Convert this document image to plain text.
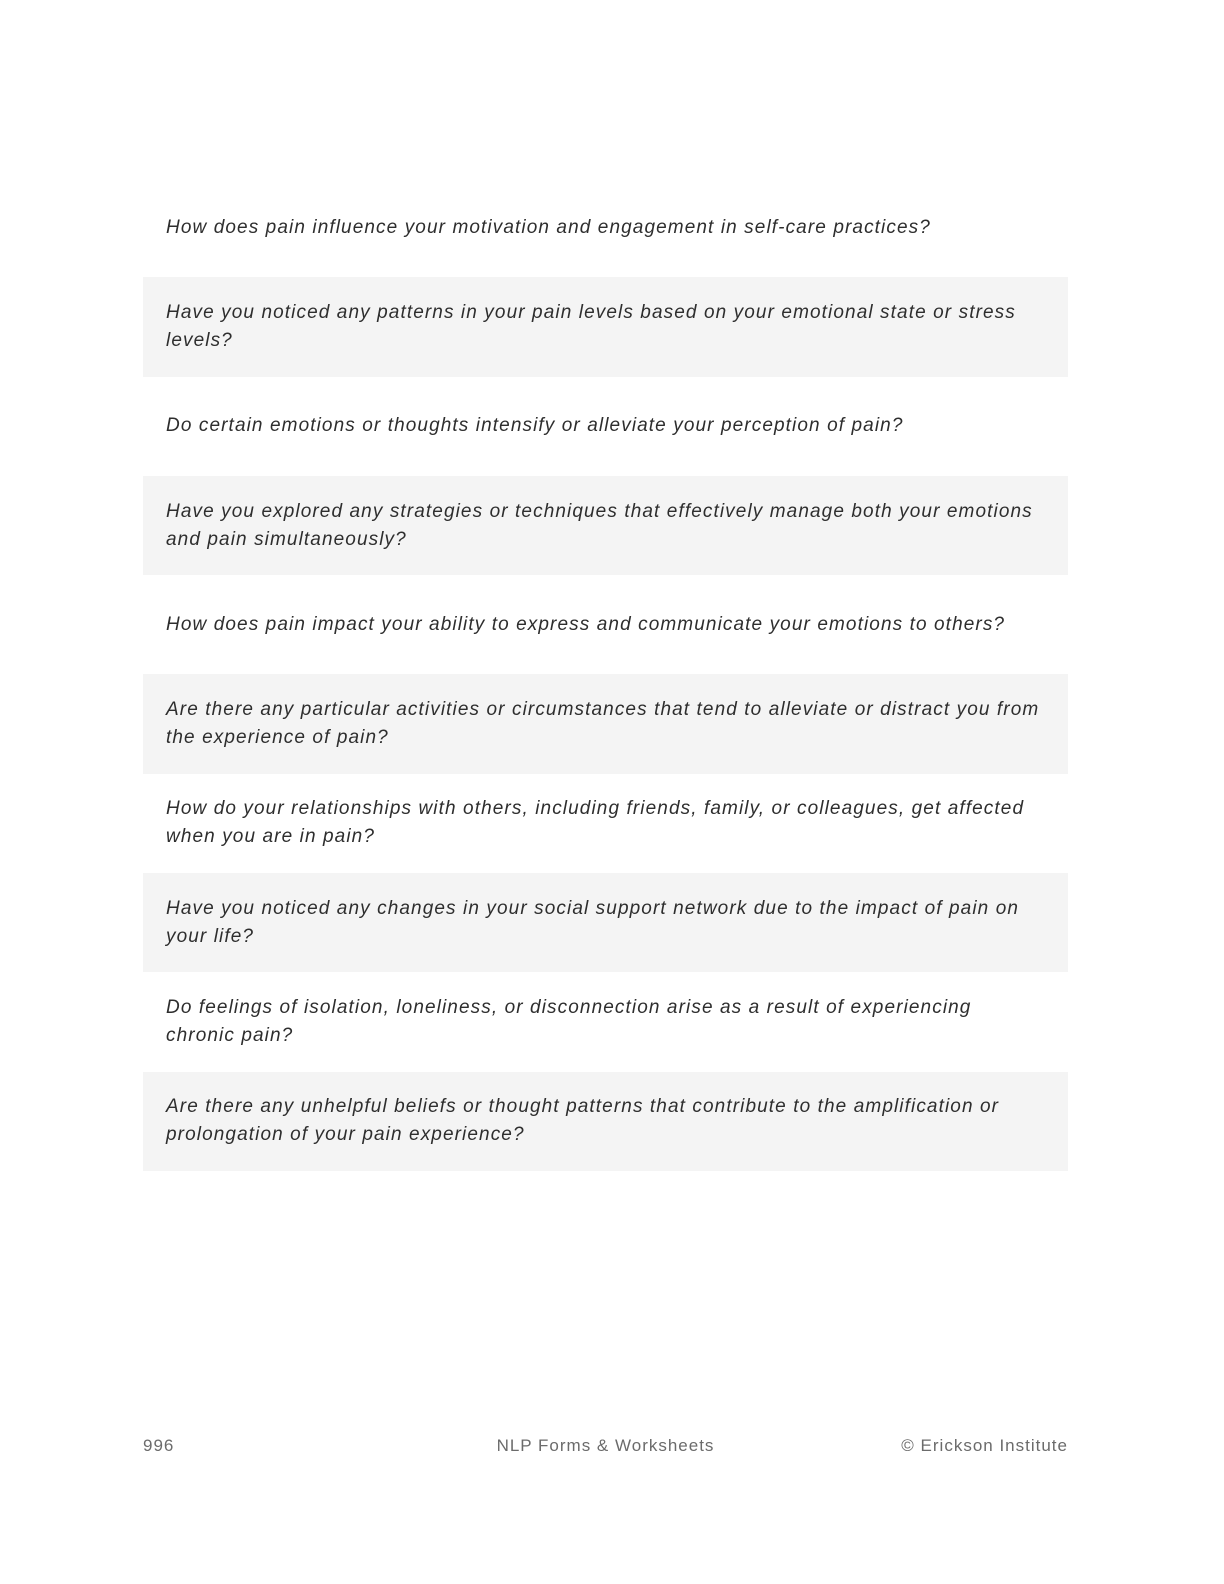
How does pain influence your motivation and engagement in self-care practices?
Have you noticed any patterns in your pain levels based on your emotional state or stress levels?
Do certain emotions or thoughts intensify or alleviate your perception of pain?
Have you explored any strategies or techniques that effectively manage both your emotions and pain simultaneously?
How does pain impact your ability to express and communicate your emotions to others?
Are there any particular activities or circumstances that tend to alleviate or distract you from the experience of pain?
How do your relationships with others, including friends, family, or colleagues, get affected when you are in pain?
Have you noticed any changes in your social support network due to the impact of pain on your life?
Do feelings of isolation, loneliness, or disconnection arise as a result of experiencing chronic pain?
Are there any unhelpful beliefs or thought patterns that contribute to the amplification or prolongation of your pain experience?
996	NLP Forms & Worksheets	© Erickson Institute
